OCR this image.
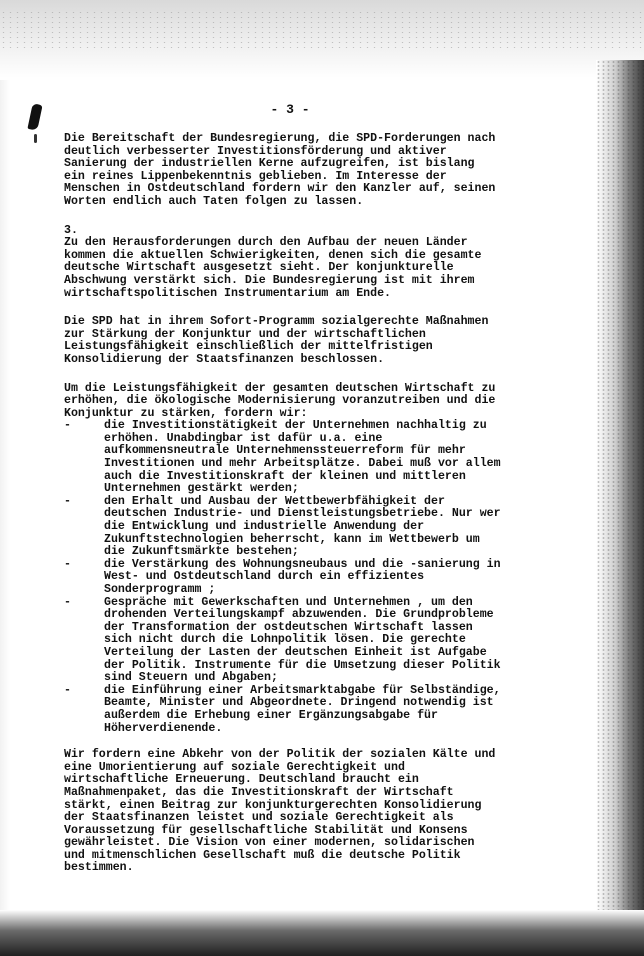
- 3 -

Die Bereitschaft der Bundesregierung, die SPD-Forderungen nach deutlich verbesserter Investitionsförderung und aktiver Sanierung der industriellen Kerne aufzugreifen, ist bislang ein reines Lippenbekenntnis geblieben. Im Interesse der Menschen in Ostdeutschland fordern wir den Kanzler auf, seinen Worten endlich auch Taten folgen zu lassen.

3.

Zu den Herausforderungen durch den Aufbau der neuen Länder kommen die aktuellen Schwierigkeiten, denen sich die gesamte deutsche Wirtschaft ausgesetzt sieht. Der konjunkturelle Abschwung verstärkt sich. Die Bundesregierung ist mit ihrem wirtschaftspolitischen Instrumentarium am Ende.

Die SPD hat in ihrem Sofort-Programm sozialgerechte Maßnahmen zur Stärkung der Konjunktur und der wirtschaftlichen Leistungsfähigkeit einschließlich der mittelfristigen Konsolidierung der Staatsfinanzen beschlossen.

Um die Leistungsfähigkeit der gesamten deutschen Wirtschaft zu erhöhen, die ökologische Modernisierung voranzutreiben und die Konjunktur zu stärken, fordern wir:

-	die Investitionstätigkeit der Unternehmen nachhaltig zu erhöhen. Unabdingbar ist dafür u.a. eine aufkommensneutrale Unternehmenssteuerreform für mehr Investitionen und mehr Arbeitsplätze. Dabei muß vor allem auch die Investitionskraft der kleinen und mittleren Unternehmen gestärkt werden;
-	den Erhalt und Ausbau der Wettbewerbfähigkeit der deutschen Industrie- und Dienstleistungsbetriebe. Nur wer die Entwicklung und industrielle Anwendung der Zukunftstechnologien beherrscht, kann im Wettbewerb um die Zukunftsmärkte bestehen;
-	die Verstärkung des Wohnungsneubaus und die -sanierung in West- und Ostdeutschland durch ein effizientes Sonderprogramm ;
-	Gespräche mit Gewerkschaften und Unternehmen , um den drohenden Verteilungskampf abzuwenden. Die Grundprobleme der Transformation der ostdeutschen Wirtschaft lassen sich nicht durch die Lohnpolitik lösen. Die gerechte Verteilung der Lasten der deutschen Einheit ist Aufgabe der Politik. Instrumente für die Umsetzung dieser Politik sind Steuern und Abgaben;
-	die Einführung einer Arbeitsmarktabgabe für Selbständige, Beamte, Minister und Abgeordnete. Dringend notwendig ist außerdem die Erhebung einer Ergänzungsabgabe für Höherverdienende.

Wir fordern eine Abkehr von der Politik der sozialen Kälte und eine Umorientierung auf soziale Gerechtigkeit und wirtschaftliche Erneuerung. Deutschland braucht ein Maßnahmenpaket, das die Investitionskraft der Wirtschaft stärkt, einen Beitrag zur konjunkturgerechten Konsolidierung der Staatsfinanzen leistet und soziale Gerechtigkeit als Voraussetzung für gesellschaftliche Stabilität und Konsens gewährleistet. Die Vision von einer modernen, solidarischen und mitmenschlichen Gesellschaft muß die deutsche Politik bestimmen.
